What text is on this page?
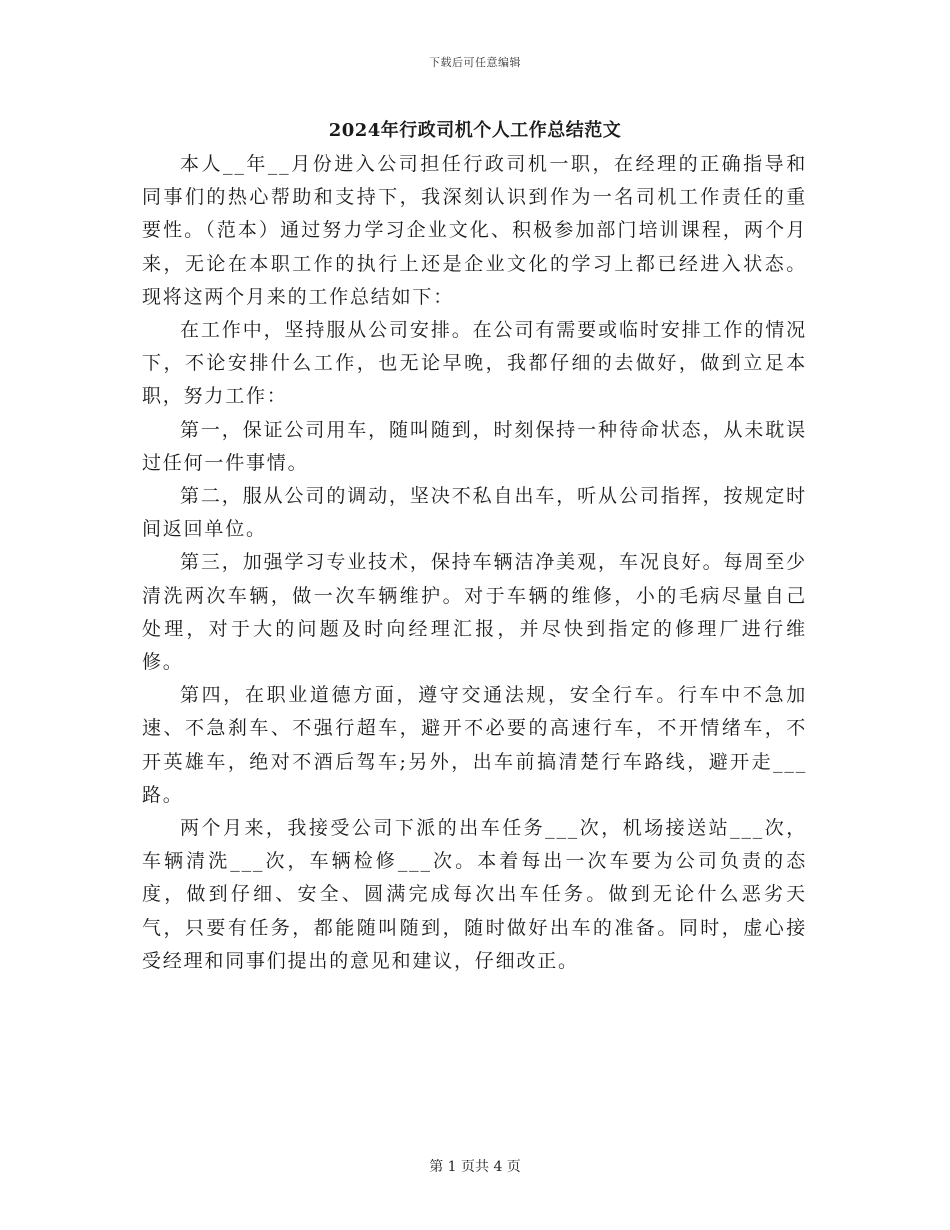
下载后可任意编辑
2024年行政司机个人工作总结范文

本人__年__月份进入公司担任行政司机一职，在经理的正确指导和同事们的热心帮助和支持下，我深刻认识到作为一名司机工作责任的重要性。（范本）通过努力学习企业文化、积极参加部门培训课程，两个月来，无论在本职工作的执行上还是企业文化的学习上都已经进入状态。现将这两个月来的工作总结如下：

在工作中，坚持服从公司安排。在公司有需要或临时安排工作的情况下，不论安排什么工作，也无论早晚，我都仔细的去做好，做到立足本职，努力工作：

第一，保证公司用车，随叫随到，时刻保持一种待命状态，从未耽误过任何一件事情。

第二，服从公司的调动，坚决不私自出车，听从公司指挥，按规定时间返回单位。

第三，加强学习专业技术，保持车辆洁净美观，车况良好。每周至少清洗两次车辆，做一次车辆维护。对于车辆的维修，小的毛病尽量自己处理，对于大的问题及时向经理汇报，并尽快到指定的修理厂进行维修。

第四，在职业道德方面，遵守交通法规，安全行车。行车中不急加速、不急刹车、不强行超车，避开不必要的高速行车，不开情绪车，不开英雄车，绝对不酒后驾车;另外，出车前搞清楚行车路线，避开走___路。

两个月来，我接受公司下派的出车任务___次，机场接送站___次，车辆清洗___次，车辆检修___次。本着每出一次车要为公司负责的态度，做到仔细、安全、圆满完成每次出车任务。做到无论什么恶劣天气，只要有任务，都能随叫随到，随时做好出车的准备。同时，虚心接受经理和同事们提出的意见和建议，仔细改正。

第 1 页共 4 页
